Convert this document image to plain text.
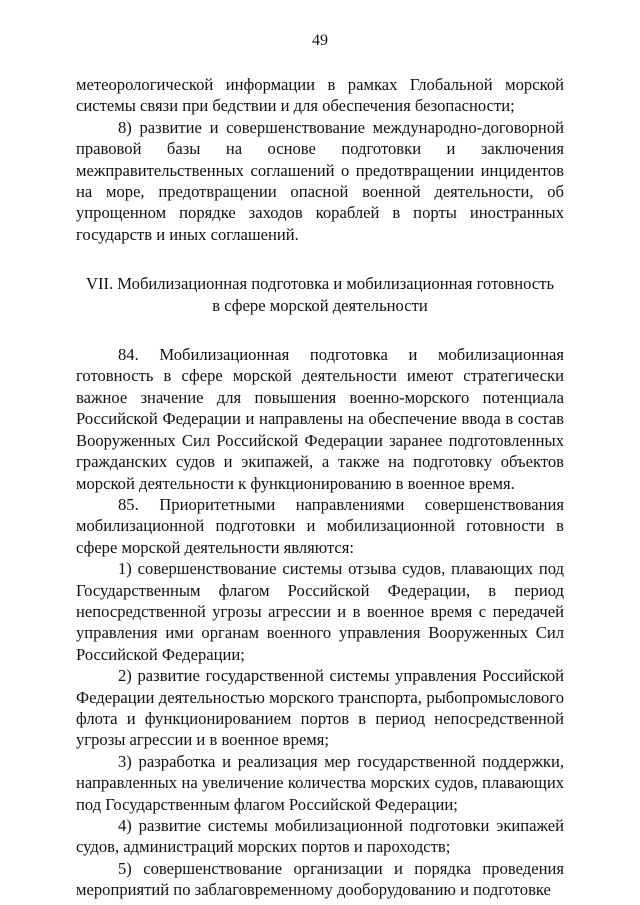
49

метеорологической информации в рамках Глобальной морской системы связи при бедствии и для обеспечения безопасности;

8) развитие и совершенствование международно-договорной правовой базы на основе подготовки и заключения межправительственных соглашений о предотвращении инцидентов на море, предотвращении опасной военной деятельности, об упрощенном порядке заходов кораблей в порты иностранных государств и иных соглашений.

VII. Мобилизационная подготовка и мобилизационная готовность
в сфере морской деятельности

84. Мобилизационная подготовка и мобилизационная готовность в сфере морской деятельности имеют стратегически важное значение для повышения военно-морского потенциала Российской Федерации и направлены на обеспечение ввода в состав Вооруженных Сил Российской Федерации заранее подготовленных гражданских судов и экипажей, а также на подготовку объектов морской деятельности к функционированию в военное время.

85. Приоритетными направлениями совершенствования мобилизационной подготовки и мобилизационной готовности в сфере морской деятельности являются:

1) совершенствование системы отзыва судов, плавающих под Государственным флагом Российской Федерации, в период непосредственной угрозы агрессии и в военное время с передачей управления ими органам военного управления Вооруженных Сил Российской Федерации;

2) развитие государственной системы управления Российской Федерации деятельностью морского транспорта, рыбопромыслового флота и функционированием портов в период непосредственной угрозы агрессии и в военное время;

3) разработка и реализация мер государственной поддержки, направленных на увеличение количества морских судов, плавающих под Государственным флагом Российской Федерации;

4) развитие системы мобилизационной подготовки экипажей судов, администраций морских портов и пароходств;

5) совершенствование организации и порядка проведения мероприятий по заблаговременному дооборудованию и подготовке
